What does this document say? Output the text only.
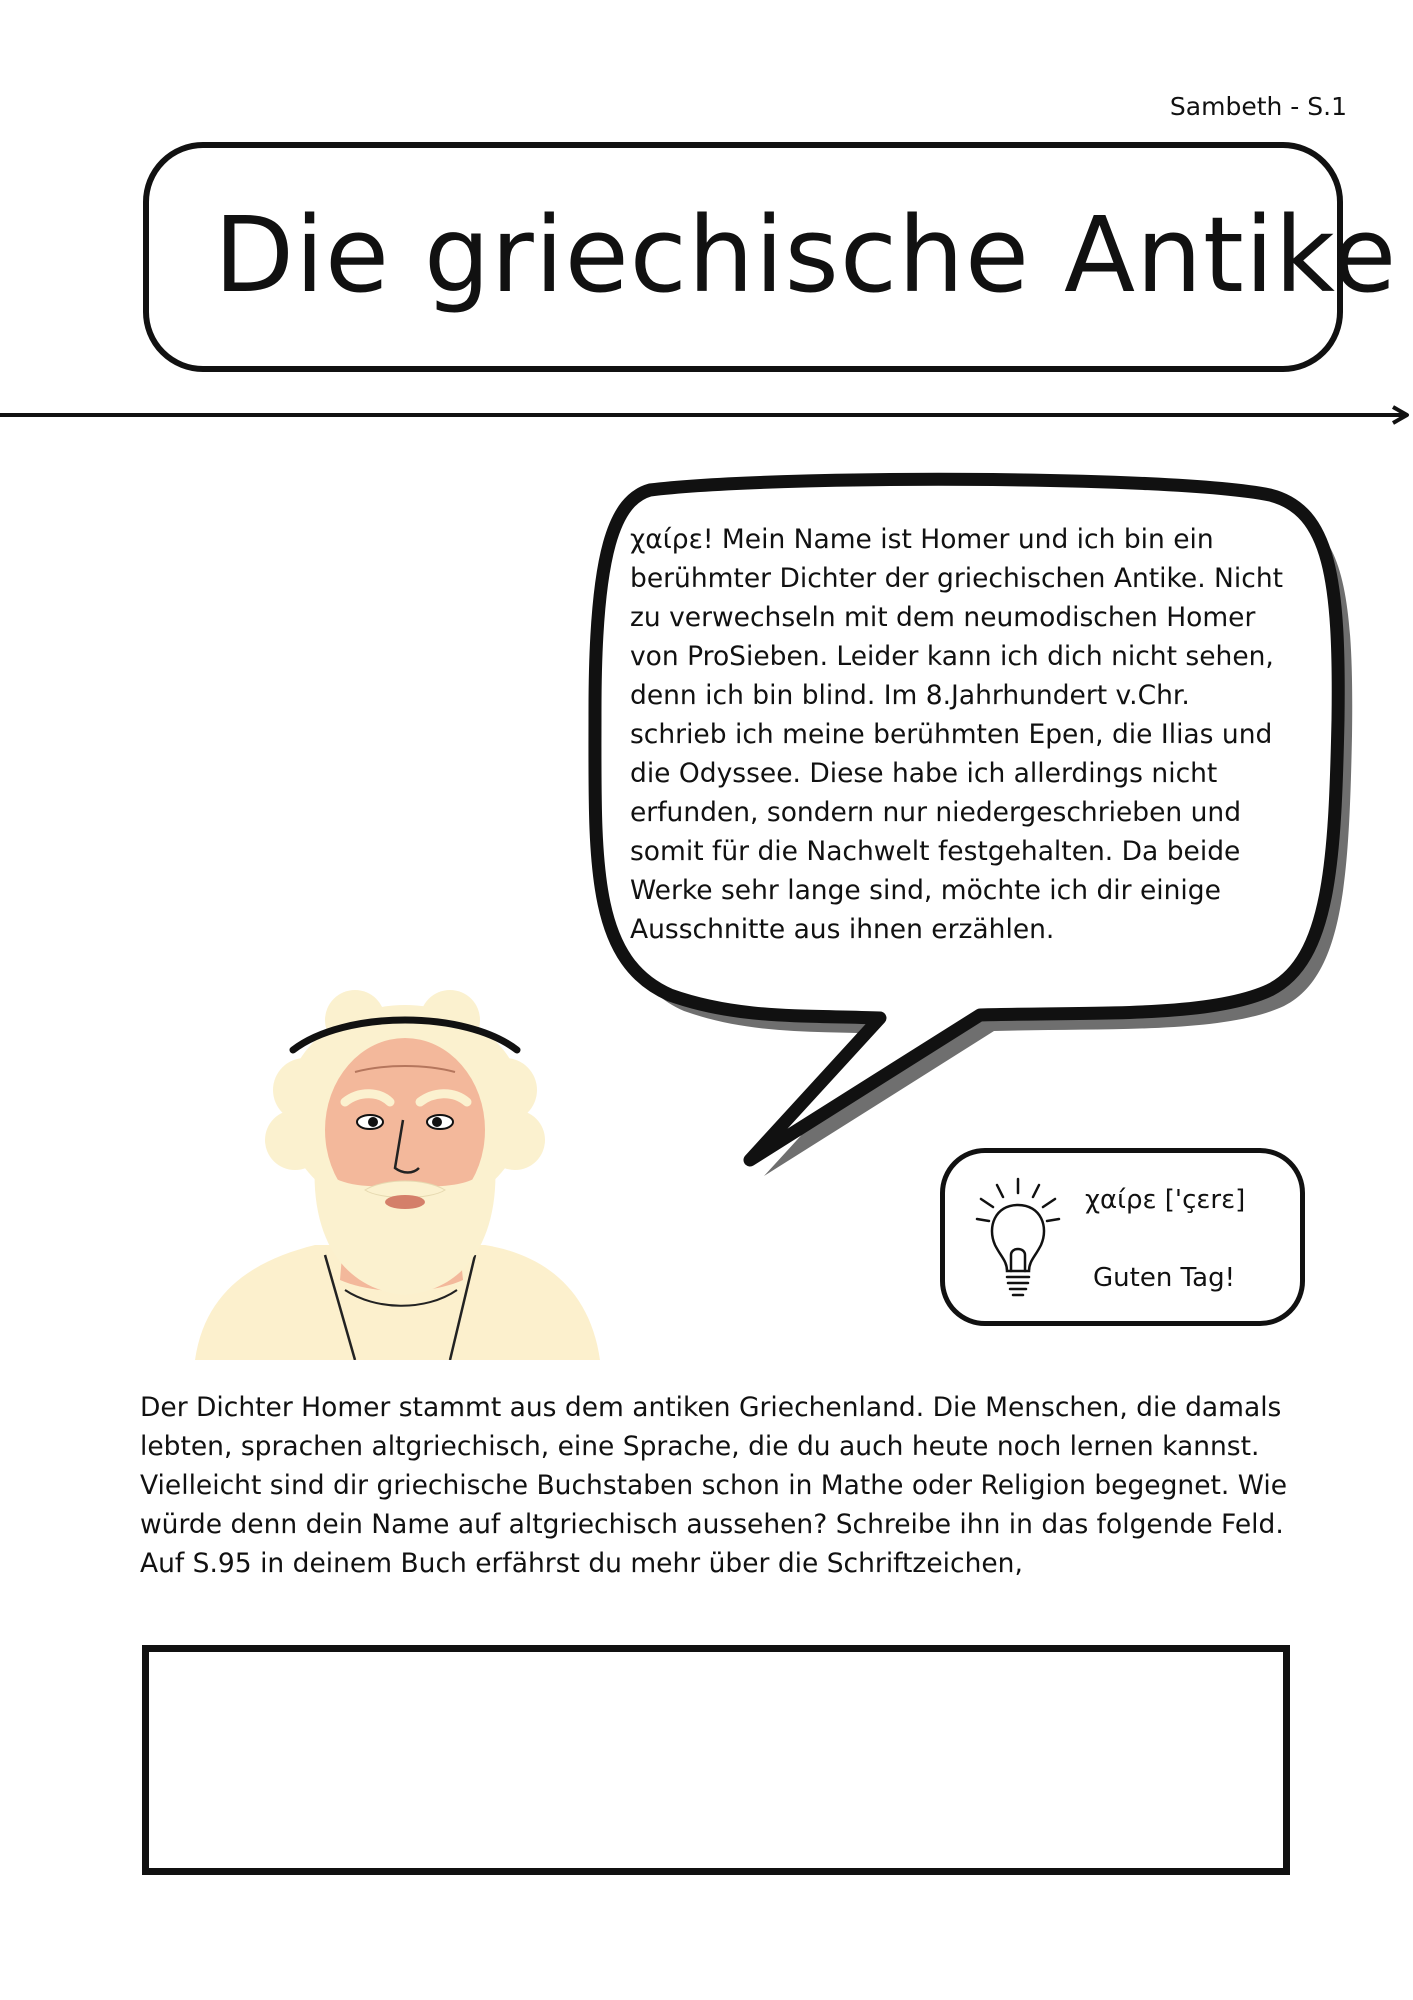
Sambeth - S.1
Die griechische Antike
χαίρε! Mein Name ist Homer und ich bin ein
berühmter Dichter der griechischen Antike. Nicht
zu verwechseln mit dem neumodischen Homer
von ProSieben. Leider kann ich dich nicht sehen,
denn ich bin blind. Im 8.Jahrhundert v.Chr.
schrieb ich meine berühmten Epen, die Ilias und
die Odyssee. Diese habe ich allerdings nicht
erfunden, sondern nur niedergeschrieben und
somit für die Nachwelt festgehalten. Da beide
Werke sehr lange sind, möchte ich dir einige
Ausschnitte aus ihnen erzählen.
χαίρε ['çɛrɛ]
Guten Tag!
Der Dichter Homer stammt aus dem antiken Griechenland. Die Menschen, die damals
lebten, sprachen altgriechisch, eine Sprache, die du auch heute noch lernen kannst.
Vielleicht sind dir griechische Buchstaben schon in Mathe oder Religion begegnet. Wie
würde denn dein Name auf altgriechisch aussehen? Schreibe ihn in das folgende Feld.
Auf S.95 in deinem Buch erfährst du mehr über die Schriftzeichen,
